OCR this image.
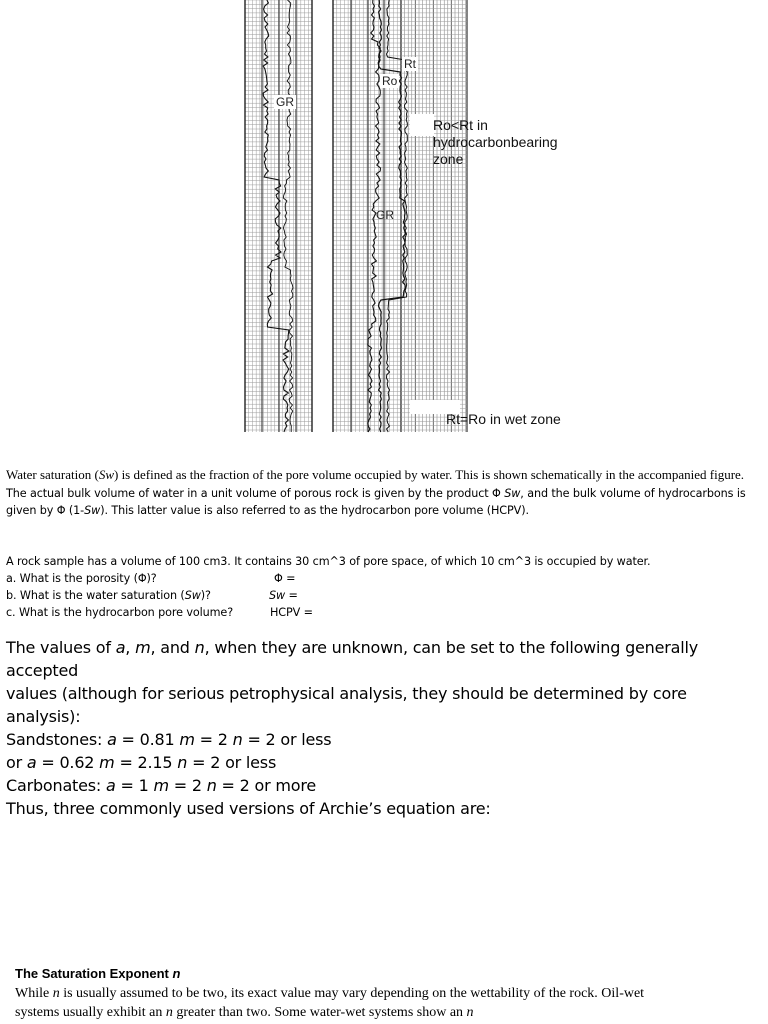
Rt
Ro
GR
GR
Ro<Rt in
hydrocarbonbearing
zone
Rt=Ro in wet zone

Water saturation (Sw) is defined as the fraction of the pore volume occupied by water. This is shown schematically in the accompanied figure. The actual bulk volume of water in a unit volume of porous rock is given by the product Φ Sw, and the bulk volume of hydrocarbons is given by Φ (1-Sw). This latter value is also referred to as the hydrocarbon pore volume (HCPV).

A rock sample has a volume of 100 cm3. It contains 30 cm^3 of pore space, of which 10 cm^3 is occupied by water.
a. What is the porosity (Φ)?	Φ =
b. What is the water saturation (Sw)?	Sw =
c. What is the hydrocarbon pore volume?	HCPV =

The values of a, m, and n, when they are unknown, can be set to the following generally accepted

values (although for serious petrophysical analysis, they should be determined by core analysis):

Sandstones: a = 0.81 m = 2 n = 2 or less

or a = 0.62 m = 2.15 n = 2 or less

Carbonates: a = 1 m = 2 n = 2 or more

Thus, three commonly used versions of Archie’s equation are:

The Saturation Exponent n

While n is usually assumed to be two, its exact value may vary depending on the wettability of the rock. Oil-wet systems usually exhibit an n greater than two. Some water-wet systems show an n
